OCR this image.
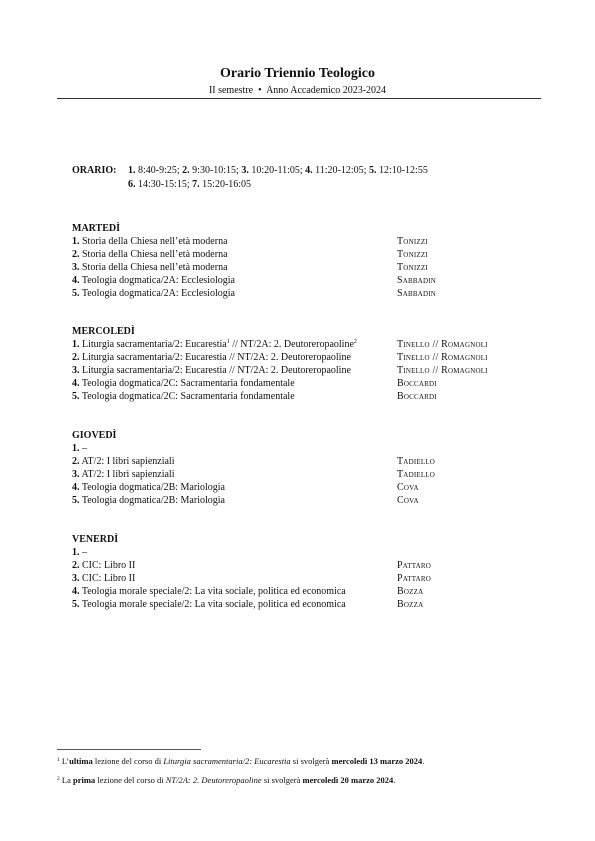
Orario Triennio Teologico
II semestre • Anno Accademico 2023-2024
ORARIO:	1. 8:40-9:25; 2. 9:30-10:15; 3. 10:20-11:05; 4. 11:20-12:05; 5. 12:10-12:55
6. 14:30-15:15; 7. 15:20-16:05
MARTEDÌ
1. Storia della Chiesa nell’età moderna	Tonizzi
2. Storia della Chiesa nell’età moderna	Tonizzi
3. Storia della Chiesa nell’età moderna	Tonizzi
4. Teologia dogmatica/2A: Ecclesiologia	Sabbadin
5. Teologia dogmatica/2A: Ecclesiologia	Sabbadin
MERCOLEDÌ
1. Liturgia sacramentaria/2: Eucarestia$^1$ // NT/2A: 2. Deutoreropaoline$^2$	Tinello // Romagnoli
2. Liturgia sacramentaria/2: Eucarestia // NT/2A: 2. Deutoreropaoline	Tinello // Romagnoli
3. Liturgia sacramentaria/2: Eucarestia // NT/2A: 2. Deutoreropaoline	Tinello // Romagnoli
4. Teologia dogmatica/2C: Sacramentaria fondamentale	Boccardi
5. Teologia dogmatica/2C: Sacramentaria fondamentale	Boccardi
GIOVEDÌ
1. –
2. AT/2: I libri sapienziali	Tadiello
3. AT/2: I libri sapienziali	Tadiello
4. Teologia dogmatica/2B: Mariologia	Cova
5. Teologia dogmatica/2B: Mariologia	Cova
VENERDÌ
1. –
2. CIC: Libro II	Pattaro
3. CIC: Libro II	Pattaro
4. Teologia morale speciale/2: La vita sociale, politica ed economica	Bozza
5. Teologia morale speciale/2: La vita sociale, politica ed economica	Bozza
$^1$ L’ultima lezione del corso di Liturgia sacramentaria/2: Eucarestia si svolgerà mercoledì 13 marzo 2024.
$^2$ La prima lezione del corso di NT/2A: 2. Deutoreropaoline si svolgerà mercoledì 20 marzo 2024.
